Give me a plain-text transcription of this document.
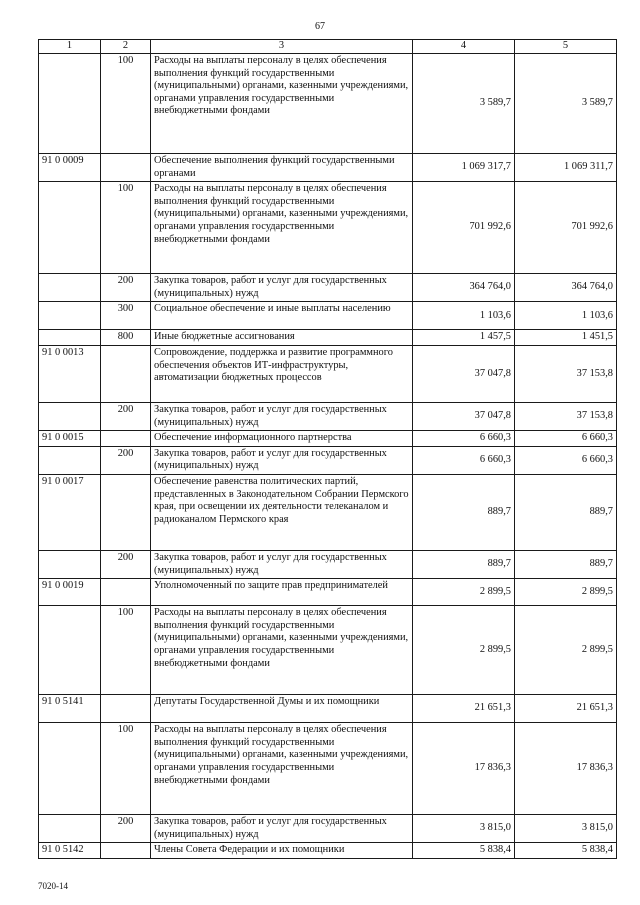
67
1	2	3	4	5
	100	Расходы на выплаты персоналу в целях обеспечения выполнения функций государственными (муниципальными) органами, казенными учреждениями, органами управления государственными внебюджетными фондами	3 589,7	3 589,7
91 0 0009		Обеспечение выполнения функций государственными органами	1 069 317,7	1 069 311,7
	100	Расходы на выплаты персоналу в целях обеспечения выполнения функций государственными (муниципальными) органами, казенными учреждениями, органами управления государственными внебюджетными фондами	701 992,6	701 992,6
	200	Закупка товаров, работ и услуг для государственных (муниципальных) нужд	364 764,0	364 764,0
	300	Социальное обеспечение и иные выплаты населению	1 103,6	1 103,6
	800	Иные бюджетные ассигнования	1 457,5	1 451,5
91 0 0013		Сопровождение, поддержка и развитие программного обеспечения объектов ИТ-инфраструктуры, автоматизации бюджетных процессов	37 047,8	37 153,8
	200	Закупка товаров, работ и услуг для государственных (муниципальных) нужд	37 047,8	37 153,8
91 0 0015		Обеспечение информационного партнерства	6 660,3	6 660,3
	200	Закупка товаров, работ и услуг для государственных (муниципальных) нужд	6 660,3	6 660,3
91 0 0017		Обеспечение равенства политических партий, представленных в Законодательном Собрании Пермского края, при освещении их деятельности телеканалом и радиоканалом Пермского края	889,7	889,7
	200	Закупка товаров, работ и услуг для государственных (муниципальных) нужд	889,7	889,7
91 0 0019		Уполномоченный по защите прав предпринимателей	2 899,5	2 899,5
	100	Расходы на выплаты персоналу в целях обеспечения выполнения функций государственными (муниципальными) органами, казенными учреждениями, органами управления государственными внебюджетными фондами	2 899,5	2 899,5
91 0 5141		Депутаты Государственной Думы и их помощники	21 651,3	21 651,3
	100	Расходы на выплаты персоналу в целях обеспечения выполнения функций государственными (муниципальными) органами, казенными учреждениями, органами управления государственными внебюджетными фондами	17 836,3	17 836,3
	200	Закупка товаров, работ и услуг для государственных (муниципальных) нужд	3 815,0	3 815,0
91 0 5142		Члены Совета Федерации и их помощники	5 838,4	5 838,4
7020-14
